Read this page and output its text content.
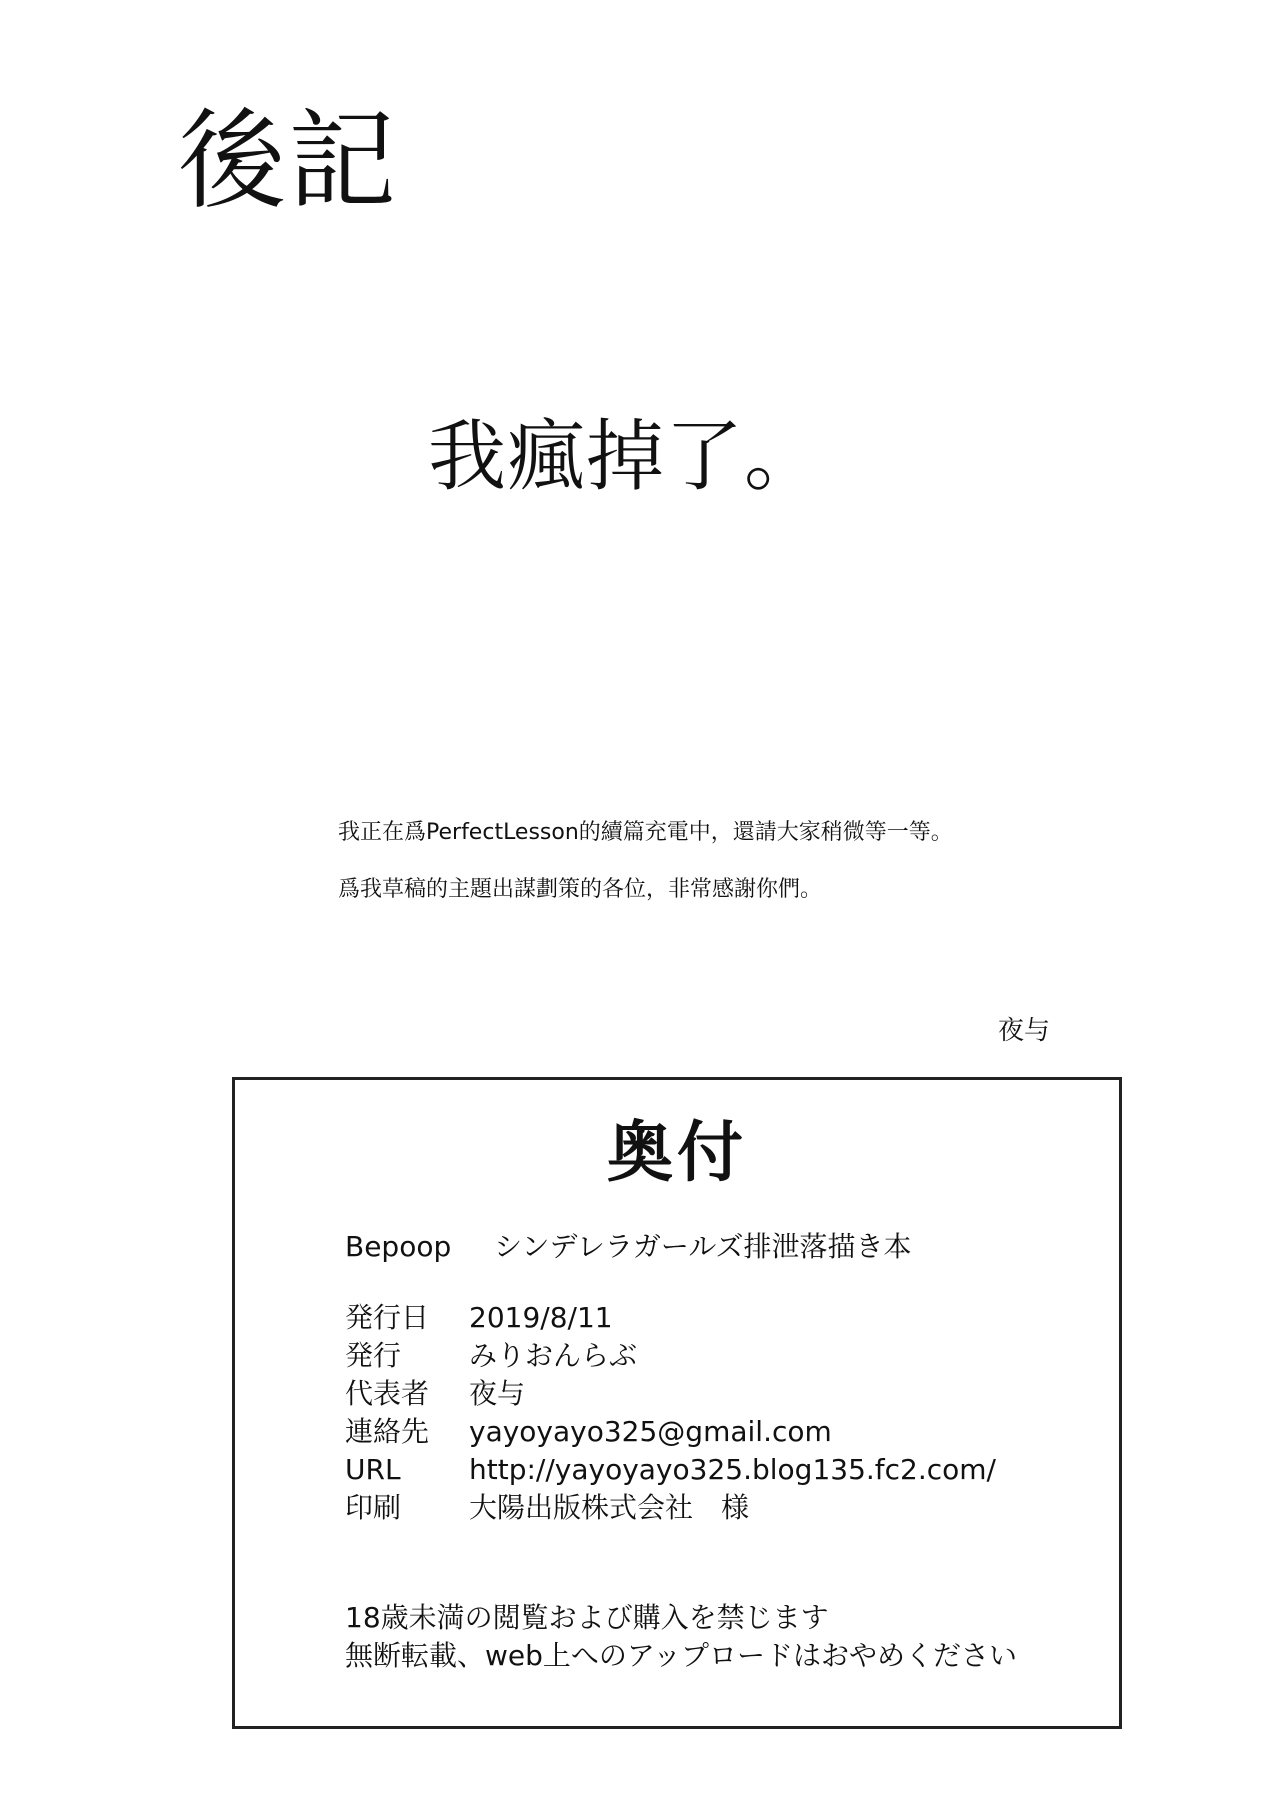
後記
我瘋掉了。
我正在爲PerfectLesson的續篇充電中，還請大家稍微等一等。
爲我草稿的主題出謀劃策的各位，非常感謝你們。
夜与
奥付
Bepoop シンデレラガールズ排泄落描き本
発行日	2019/8/11
発行	みりおんらぶ
代表者	夜与
連絡先	yayoyayo325@gmail.com
URL	http://yayoyayo325.blog135.fc2.com/
印刷	大陽出版株式会社　様
18歳未満の閲覧および購入を禁じます
無断転載、web上へのアップロードはおやめください
